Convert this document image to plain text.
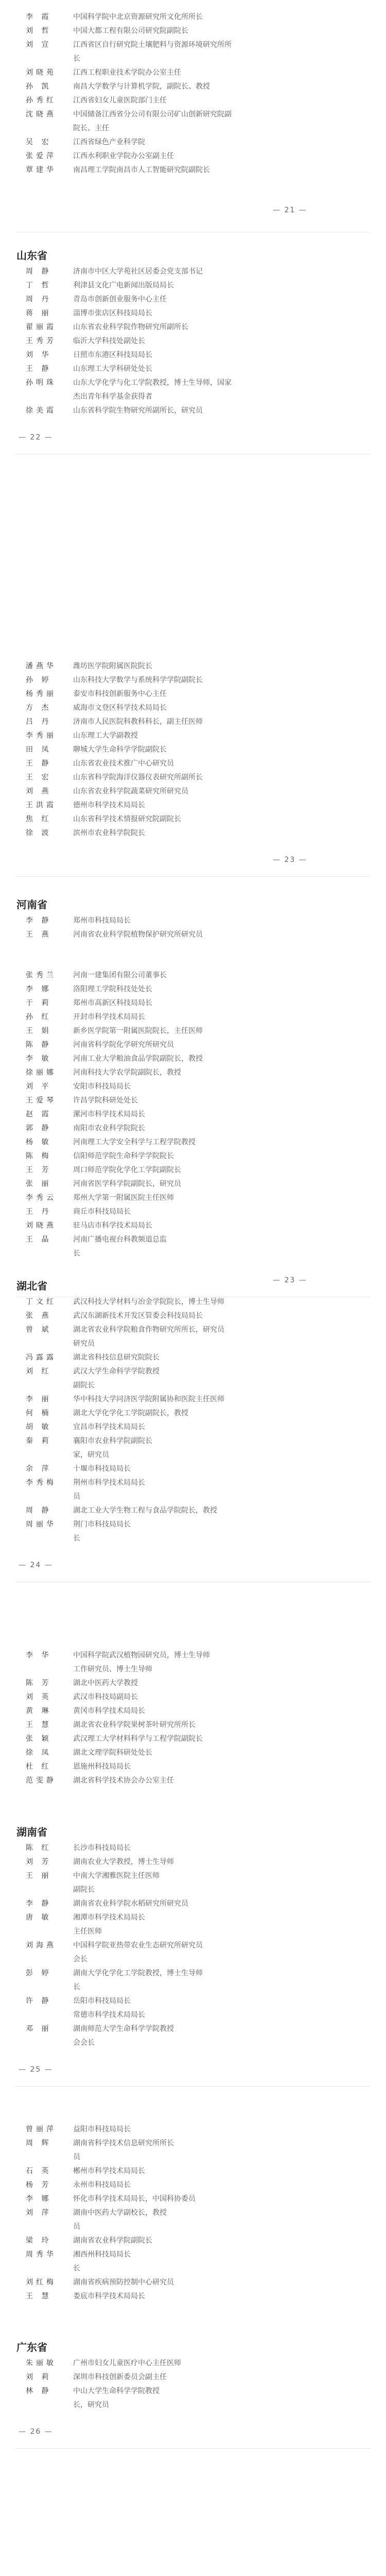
李 霞	中国科学院中北京资源研究所文化所所长
刘 哲	中国大都工程有限公司研究院副院长
刘 宣	江西省区自行研究院土壤肥料与资源环境研究所所
长
刘晓苑	江西工程职业技术学院办公室主任
孙 凯	南昌大学数学与计算机学院，副院长、教授
孙秀红	江西省妇女儿童医院部门主任
沈晓燕	中国储备江西省分公司有限公司矿山创新研究院副
院长、主任
吴 宏	江西省绿色产业科学院
张爱萍	江西水利职业学院办公室副主任
覃建华	南昌理工学院南昌市人工智能研究院副院长
— 21 —
山东省
周 静	济南市中区大学苑社区居委会党支部书记
丁 哲	利津县文化广电新闻出版局局长
周 丹	青岛市创新创业服务中心主任
蒋 丽	淄博市张店区科技局局长
翟丽霞	山东省农业科学院作物研究所副所长
王秀芳	临沂大学科技处副处长
刘 华	日照市东港区科技局局长
王 静	山东理工大学科研处处长
孙明珠	山东大学化学与化工学院教授，博士生导师，国家
杰出青年科学基金获得者
徐美霞	山东省科学院生物研究所副所长，研究员
— 22 —
潘燕华	潍坊医学院附属医院院长
孙 婷	山东科技大学数学与系统科学学院副院长
杨秀丽	泰安市科技创新服务中心主任
方 杰	威海市文登区科学技术局局长
吕 丹	济南市人民医院科教科科长，副主任医师
李秀丽	山东理工大学副教授
田 凤	聊城大学生命科学学院副院长
王 静	山东省农业技术推广中心研究员
王 宏	山东省科学院海洋仪器仪表研究所副所长
刘 燕	山东省农业科学院蔬菜研究所研究员
王洪霞	德州市科学技术局局长
焦 红	山东省科学技术情报研究院副院长
徐 波	滨州市农业科学院院长
— 23 —
河南省
李 静	郑州市科技局局长
王 燕	河南省农业科学院植物保护研究所研究员
张秀兰	河南一建集团有限公司董事长
李 娜	洛阳理工学院科技处处长
于 莉	郑州市高新区科技局局长
孙 红	开封市科学技术局局长
王 娟	新乡医学院第一附属医院院长，主任医师
陈 静	河南省科学院化学研究所研究员
李 敏	河南工业大学粮油食品学院副院长，教授
徐丽娜	河南科技大学农学院副院长，教授
刘 平	安阳市科技局局长
王爱琴	许昌学院科研处处长
赵 霞	漯河市科学技术局局长
郭 静	南阳市农业科学院院长
杨 敏	河南理工大学安全科学与工程学院教授
陈 梅	信阳师范学院生命科学学院院长
王 芳	周口师范学院化学化工学院副院长
张 丽	河南省医学科学院副院长，研究员
李秀云	郑州大学第一附属医院主任医师
王 丹	商丘市科技局局长
刘晓燕	驻马店市科学技术局局长
王 晶	河南广播电视台科教频道总监
长
— 23 —
湖北省
丁文红	武汉科技大学材料与冶金学院院长，博士生导师
张 燕	武汉东湖新技术开发区管委会科技局局长
曾 斌	湖北省农业科学院粮食作物研究所所长，研究员
研究员
冯露露	湖北省科技信息研究院院长
刘 红	武汉大学生命科学学院教授
副院长
李 丽	华中科技大学同济医学院附属协和医院主任医师
何 楠	湖北大学化学化工学院副院长，教授
胡 敏	宜昌市科学技术局局长
秦 莉	襄阳市农业科学院副院长
家，研究员
余 萍	十堰市科技局局长
李秀梅	荆州市科学技术局局长
员
周 静	湖北工业大学生物工程与食品学院院长，教授
周丽华	荆门市科技局局长
长
— 24 —
李 华	中国科学院武汉植物园研究员，博士生导师
工作研究员、博士生导师
陈 芳	湖北中医药大学教授
刘 英	武汉市科技局副局长
黄 琳	黄冈市科学技术局局长
王 慧	湖北省农业科学院果树茶叶研究所所长
张 颖	武汉理工大学材料科学与工程学院副院长
徐 凤	湖北文理学院科研处处长
杜 红	恩施州科技局局长
范雯静	湖北省科学技术协会办公室主任
湖南省
陈 红	长沙市科技局局长
刘 芳	湖南农业大学教授，博士生导师
王 丽	中南大学湘雅医院主任医师
副院长
李 静	湖南省农业科学院水稻研究所研究员
唐 敏	湘潭市科学技术局局长
主任医师
刘海燕	中国科学院亚热带农业生态研究所研究员
会长
彭 婷	湖南大学化学化工学院教授，博士生导师
长
许 静	岳阳市科技局局长
常德市科学技术局局长
邓 丽	湖南师范大学生命科学学院教授
会会长
— 25 —
曾丽萍	益阳市科技局局长
周 辉	湖南省科学技术信息研究所所长
员
石 英	郴州市科学技术局局长
杨 芳	永州市科技局局长
李 娜	怀化市科学技术局局长，中国科协委员
刘 萍	湖南中医药大学副校长，教授
员
梁 玲	湖南省农业科学院副院长
周秀华	湘西州科技局局长
长
刘红梅	湖南省疾病预防控制中心研究员
王 慧	娄底市科学技术局局长
广东省
朱丽敏	广州市妇女儿童医疗中心主任医师
刘 莉	深圳市科技创新委员会副主任
林 静	中山大学生命科学学院教授
长，研究员
— 26 —
